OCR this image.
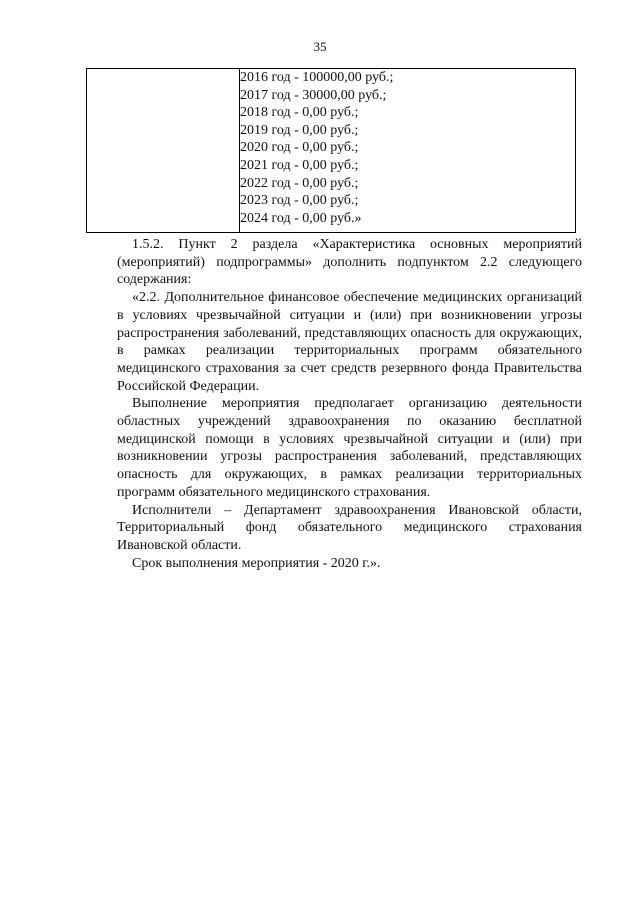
35

2016 год - 100000,00 руб.;
2017 год - 30000,00 руб.;
2018 год - 0,00 руб.;
2019 год - 0,00 руб.;
2020 год - 0,00 руб.;
2021 год - 0,00 руб.;
2022 год - 0,00 руб.;
2023 год - 0,00 руб.;
2024 год - 0,00 руб.»

1.5.2. Пункт 2 раздела «Характеристика основных мероприятий (мероприятий) подпрограммы» дополнить подпунктом 2.2 следующего содержания:

«2.2. Дополнительное финансовое обеспечение медицинских организаций в условиях чрезвычайной ситуации и (или) при возникновении угрозы распространения заболеваний, представляющих опасность для окружающих, в рамках реализации территориальных программ обязательного медицинского страхования за счет средств резервного фонда Правительства Российской Федерации.

Выполнение мероприятия предполагает организацию деятельности областных учреждений здравоохранения по оказанию бесплатной медицинской помощи в условиях чрезвычайной ситуации и (или) при возникновении угрозы распространения заболеваний, представляющих опасность для окружающих, в рамках реализации территориальных программ обязательного медицинского страхования.

Исполнители – Департамент здравоохранения Ивановской области, Территориальный фонд обязательного медицинского страхования Ивановской области.

Срок выполнения мероприятия - 2020 г.».
